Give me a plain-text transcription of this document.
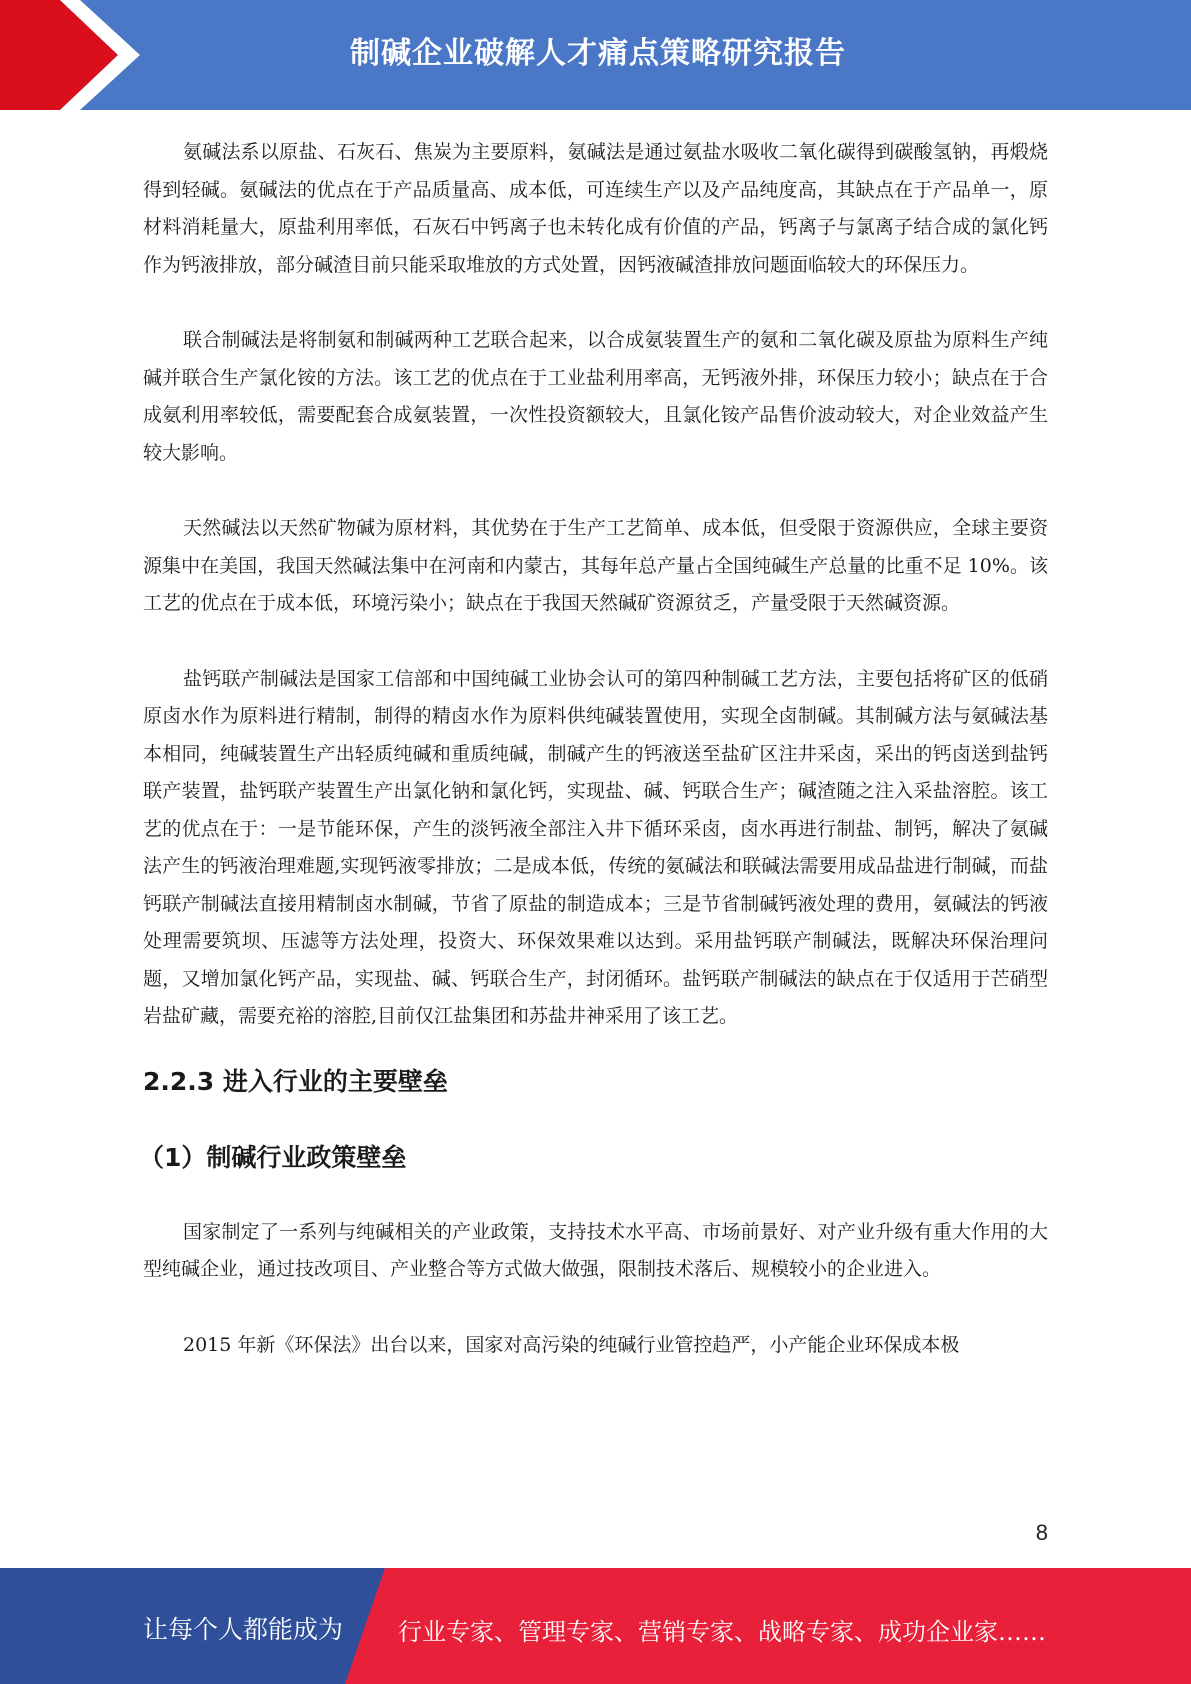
制碱企业破解人才痛点策略研究报告

氨碱法系以原盐、石灰石、焦炭为主要原料，氨碱法是通过氨盐水吸收二氧化碳得到碳酸氢钠，再煅烧得到轻碱。氨碱法的优点在于产品质量高、成本低，可连续生产以及产品纯度高，其缺点在于产品单一，原材料消耗量大，原盐利用率低，石灰石中钙离子也未转化成有价值的产品，钙离子与氯离子结合成的氯化钙作为钙液排放，部分碱渣目前只能采取堆放的方式处置，因钙液碱渣排放问题面临较大的环保压力。

联合制碱法是将制氨和制碱两种工艺联合起来，以合成氨装置生产的氨和二氧化碳及原盐为原料生产纯碱并联合生产氯化铵的方法。该工艺的优点在于工业盐利用率高，无钙液外排，环保压力较小；缺点在于合成氨利用率较低，需要配套合成氨装置，一次性投资额较大，且氯化铵产品售价波动较大，对企业效益产生较大影响。

天然碱法以天然矿物碱为原材料，其优势在于生产工艺简单、成本低，但受限于资源供应，全球主要资源集中在美国，我国天然碱法集中在河南和内蒙古，其每年总产量占全国纯碱生产总量的比重不足 10%。该工艺的优点在于成本低，环境污染小；缺点在于我国天然碱矿资源贫乏，产量受限于天然碱资源。

盐钙联产制碱法是国家工信部和中国纯碱工业协会认可的第四种制碱工艺方法，主要包括将矿区的低硝原卤水作为原料进行精制，制得的精卤水作为原料供纯碱装置使用，实现全卤制碱。其制碱方法与氨碱法基本相同，纯碱装置生产出轻质纯碱和重质纯碱，制碱产生的钙液送至盐矿区注井采卤，采出的钙卤送到盐钙联产装置，盐钙联产装置生产出氯化钠和氯化钙，实现盐、碱、钙联合生产；碱渣随之注入采盐溶腔。该工艺的优点在于：一是节能环保，产生的淡钙液全部注入井下循环采卤，卤水再进行制盐、制钙，解决了氨碱法产生的钙液治理难题,实现钙液零排放；二是成本低，传统的氨碱法和联碱法需要用成品盐进行制碱，而盐钙联产制碱法直接用精制卤水制碱，节省了原盐的制造成本；三是节省制碱钙液处理的费用，氨碱法的钙液处理需要筑坝、压滤等方法处理，投资大、环保效果难以达到。采用盐钙联产制碱法，既解决环保治理问题，又增加氯化钙产品，实现盐、碱、钙联合生产，封闭循环。盐钙联产制碱法的缺点在于仅适用于芒硝型岩盐矿藏，需要充裕的溶腔,目前仅江盐集团和苏盐井神采用了该工艺。

2.2.3 进入行业的主要壁垒
（1）制碱行业政策壁垒

国家制定了一系列与纯碱相关的产业政策，支持技术水平高、市场前景好、对产业升级有重大作用的大型纯碱企业，通过技改项目、产业整合等方式做大做强，限制技术落后、规模较小的企业进入。

2015 年新《环保法》出台以来，国家对高污染的纯碱行业管控趋严，小产能企业环保成本极

8
让每个人都能成为 行业专家、管理专家、营销专家、战略专家、成功企业家……
